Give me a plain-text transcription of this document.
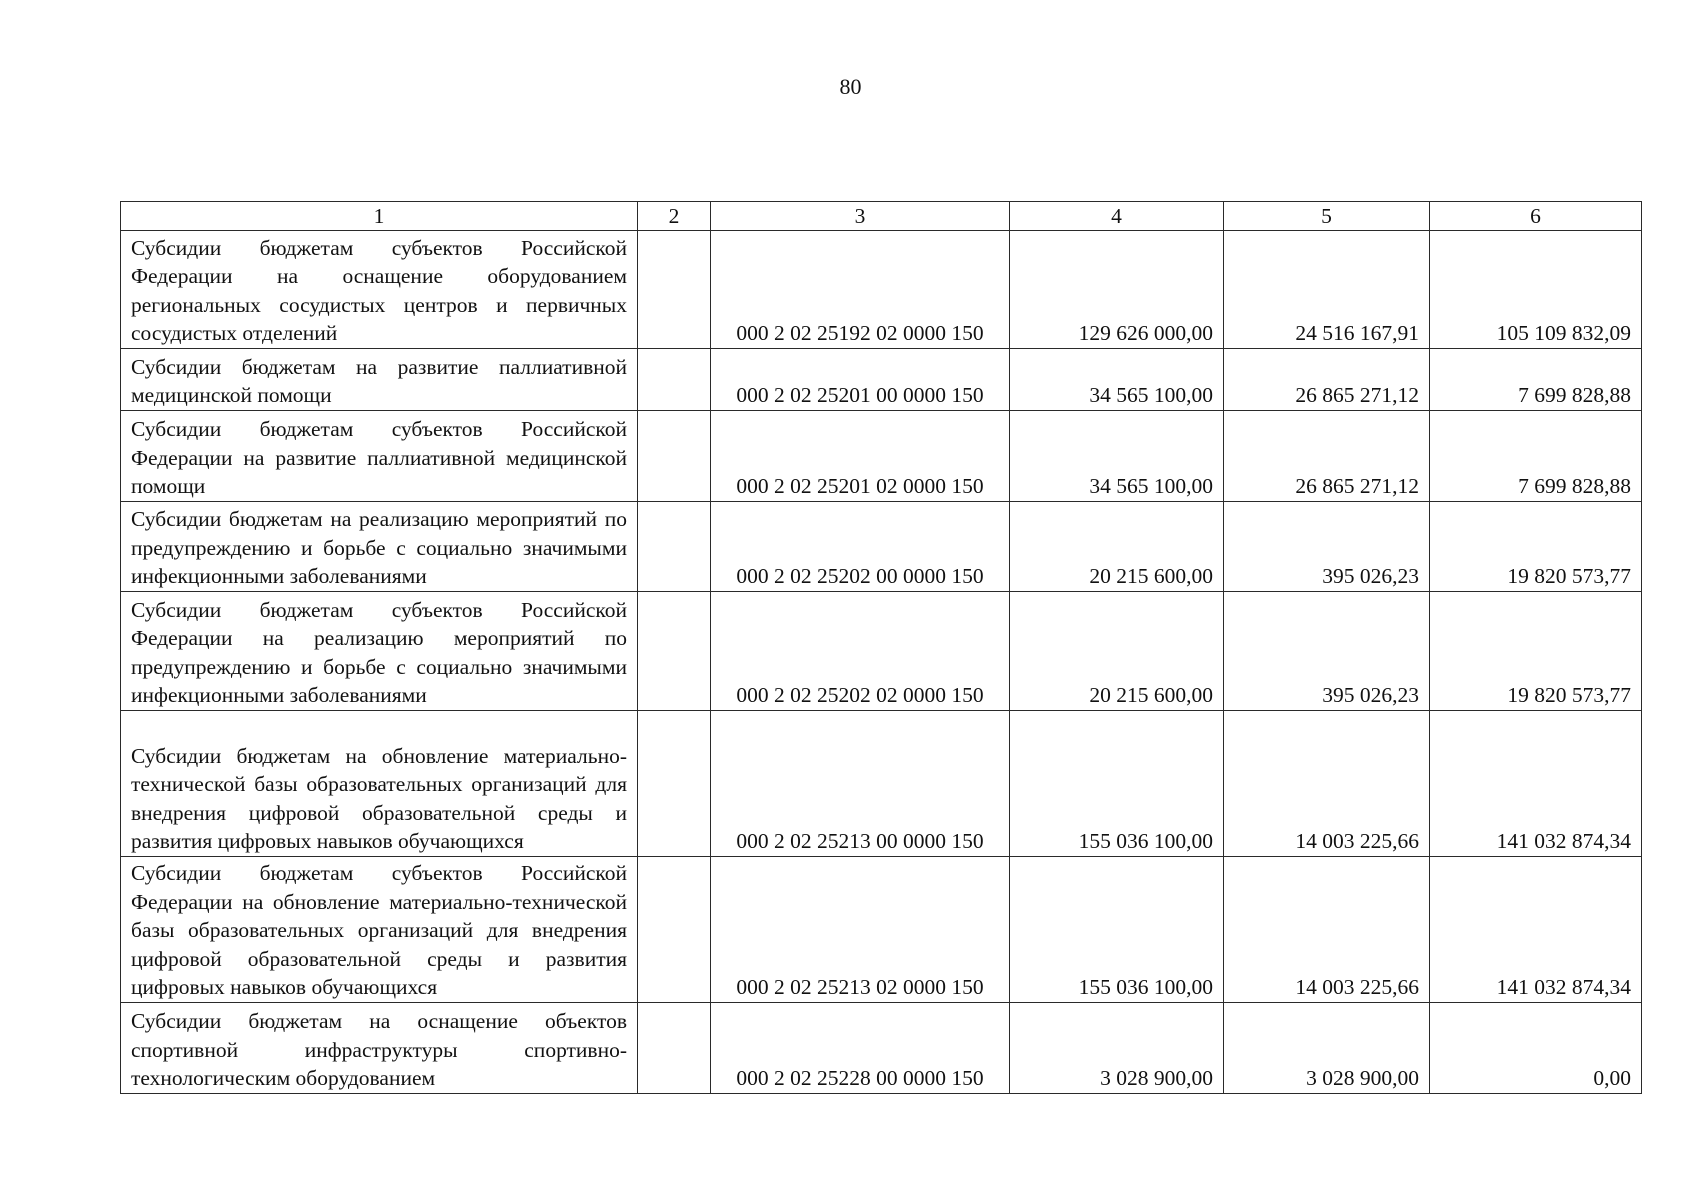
80
1	2	3	4	5	6
Субсидии бюджетам субъектов Российской Федерации на оснащение оборудованием региональных сосудистых центров и первичных сосудистых отделений		000 2 02 25192 02 0000 150	129 626 000,00	24 516 167,91	105 109 832,09
Субсидии бюджетам на развитие паллиативной медицинской помощи		000 2 02 25201 00 0000 150	34 565 100,00	26 865 271,12	7 699 828,88
Субсидии бюджетам субъектов Российской Федерации на развитие паллиативной медицинской помощи		000 2 02 25201 02 0000 150	34 565 100,00	26 865 271,12	7 699 828,88
Субсидии бюджетам на реализацию мероприятий по предупреждению и борьбе с социально значимыми инфекционными заболеваниями		000 2 02 25202 00 0000 150	20 215 600,00	395 026,23	19 820 573,77
Субсидии бюджетам субъектов Российской Федерации на реализацию мероприятий по предупреждению и борьбе с социально значимыми инфекционными заболеваниями		000 2 02 25202 02 0000 150	20 215 600,00	395 026,23	19 820 573,77
Субсидии бюджетам на обновление материально-технической базы образовательных организаций для внедрения цифровой образовательной среды и развития цифровых навыков обучающихся		000 2 02 25213 00 0000 150	155 036 100,00	14 003 225,66	141 032 874,34
Субсидии бюджетам субъектов Российской Федерации на обновление материально-технической базы образовательных организаций для внедрения цифровой образовательной среды и развития цифровых навыков обучающихся		000 2 02 25213 02 0000 150	155 036 100,00	14 003 225,66	141 032 874,34
Субсидии бюджетам на оснащение объектов спортивной инфраструктуры спортивно-технологическим оборудованием		000 2 02 25228 00 0000 150	3 028 900,00	3 028 900,00	0,00
